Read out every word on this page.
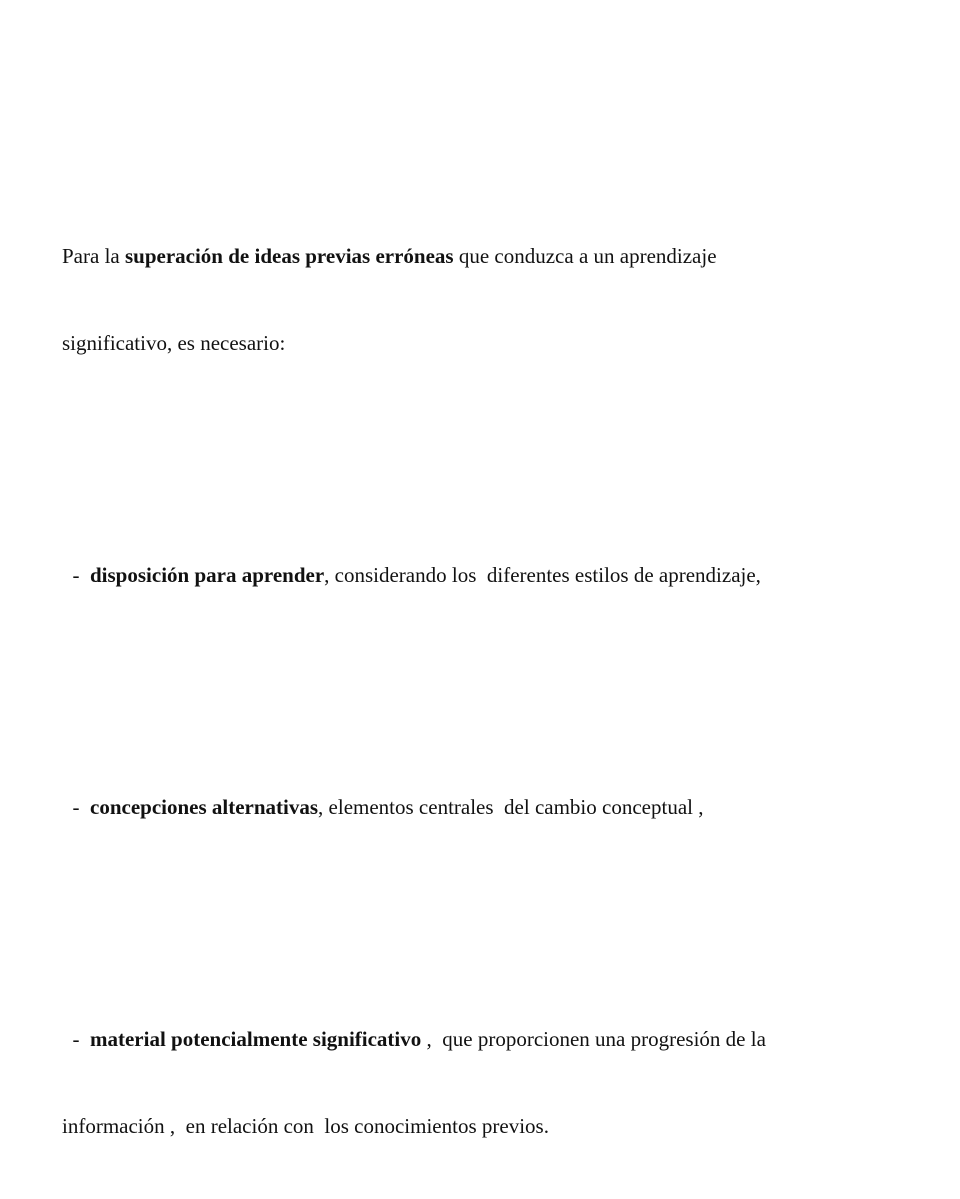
Para la superación de ideas previas erróneas que conduzca a un aprendizaje

significativo, es necesario:

-  disposición para aprender, considerando los  diferentes estilos de aprendizaje,

-  concepciones alternativas, elementos centrales  del cambio conceptual ,

-  material potencialmente significativo ,  que proporcionen una progresión de la

información ,  en relación con  los conocimientos previos.
